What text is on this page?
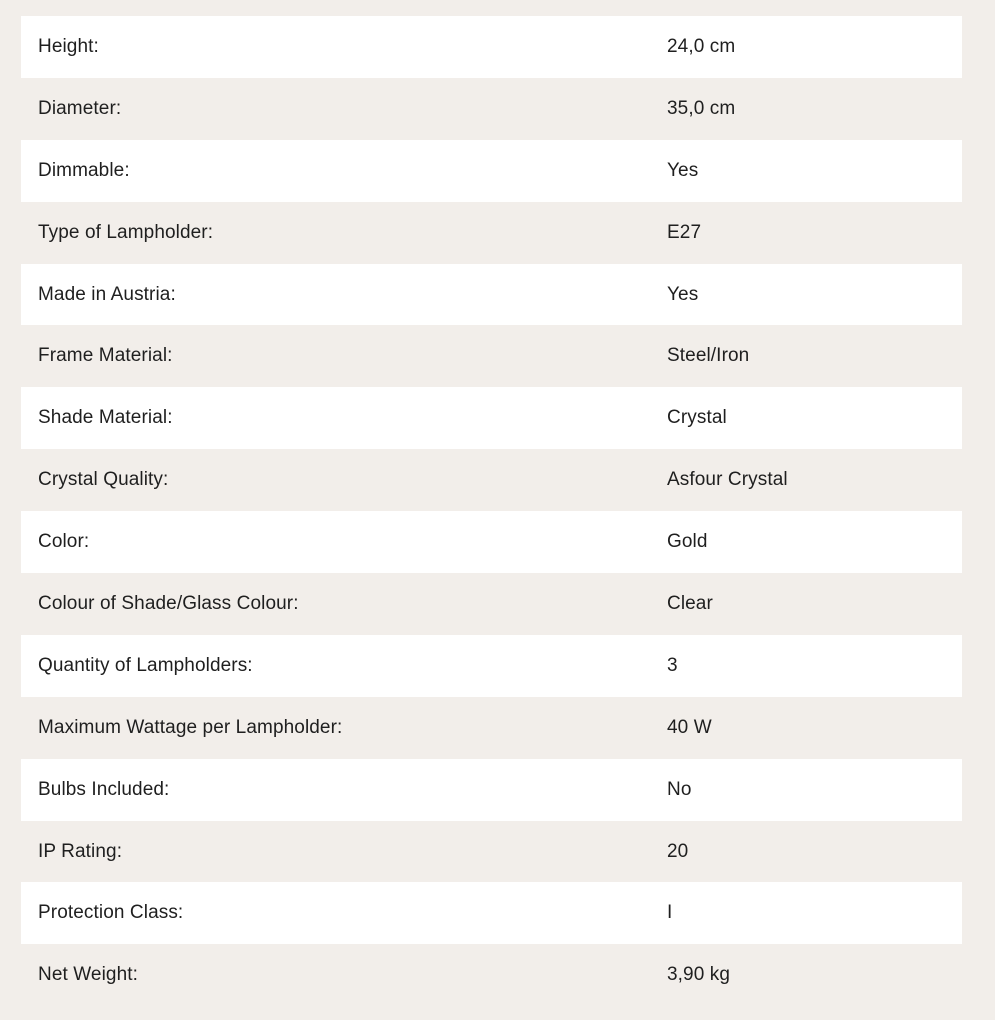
Height:	24,0 cm
Diameter:	35,0 cm
Dimmable:	Yes
Type of Lampholder:	E27
Made in Austria:	Yes
Frame Material:	Steel/Iron
Shade Material:	Crystal
Crystal Quality:	Asfour Crystal
Color:	Gold
Colour of Shade/Glass Colour:	Clear
Quantity of Lampholders:	3
Maximum Wattage per Lampholder:	40 W
Bulbs Included:	No
IP Rating:	20
Protection Class:	I
Net Weight:	3,90 kg
